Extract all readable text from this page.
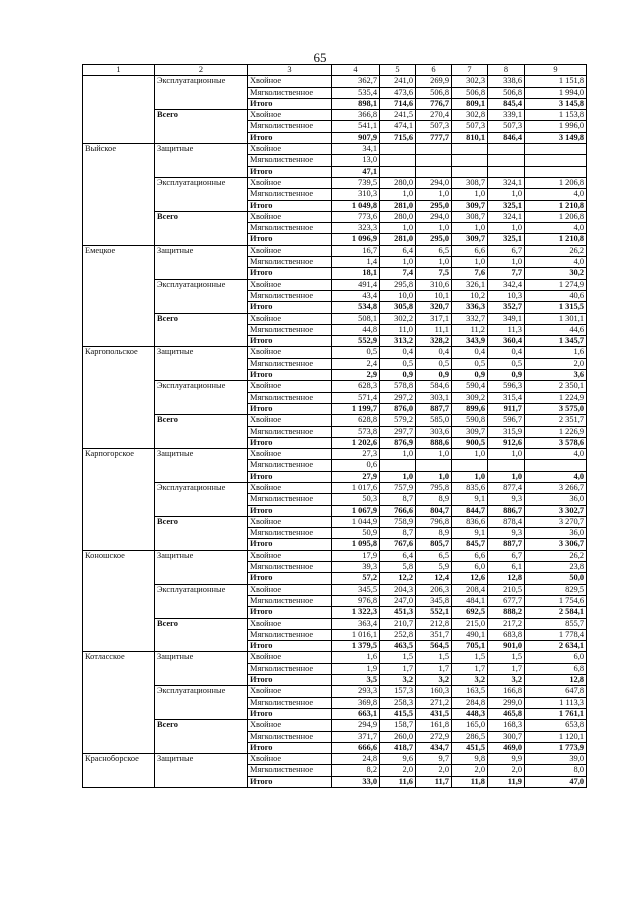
65
1	2	3	4	5	6	7	8	9
	Эксплуатационные	Хвойное	362,7	241,0	269,9	302,3	338,6	1 151,8
		Мягколиственное	535,4	473,6	506,8	506,8	506,8	1 994,0
		Итого	898,1	714,6	776,7	809,1	845,4	3 145,8
	Всего	Хвойное	366,8	241,5	270,4	302,8	339,1	1 153,8
		Мягколиственное	541,1	474,1	507,3	507,3	507,3	1 996,0
		Итого	907,9	715,6	777,7	810,1	846,4	3 149,8
Выйское	Защитные	Хвойное	34,1					
		Мягколиственное	13,0					
		Итого	47,1					
	Эксплуатационные	Хвойное	739,5	280,0	294,0	308,7	324,1	1 206,8
		Мягколиственное	310,3	1,0	1,0	1,0	1,0	4,0
		Итого	1 049,8	281,0	295,0	309,7	325,1	1 210,8
	Всего	Хвойное	773,6	280,0	294,0	308,7	324,1	1 206,8
		Мягколиственное	323,3	1,0	1,0	1,0	1,0	4,0
		Итого	1 096,9	281,0	295,0	309,7	325,1	1 210,8
Емецкое	Защитные	Хвойное	16,7	6,4	6,5	6,6	6,7	26,2
		Мягколиственное	1,4	1,0	1,0	1,0	1,0	4,0
		Итого	18,1	7,4	7,5	7,6	7,7	30,2
	Эксплуатационные	Хвойное	491,4	295,8	310,6	326,1	342,4	1 274,9
		Мягколиственное	43,4	10,0	10,1	10,2	10,3	40,6
		Итого	534,8	305,8	320,7	336,3	352,7	1 315,5
	Всего	Хвойное	508,1	302,2	317,1	332,7	349,1	1 301,1
		Мягколиственное	44,8	11,0	11,1	11,2	11,3	44,6
		Итого	552,9	313,2	328,2	343,9	360,4	1 345,7
Каргопольское	Защитные	Хвойное	0,5	0,4	0,4	0,4	0,4	1,6
		Мягколиственное	2,4	0,5	0,5	0,5	0,5	2,0
		Итого	2,9	0,9	0,9	0,9	0,9	3,6
	Эксплуатационные	Хвойное	628,3	578,8	584,6	590,4	596,3	2 350,1
		Мягколиственное	571,4	297,2	303,1	309,2	315,4	1 224,9
		Итого	1 199,7	876,0	887,7	899,6	911,7	3 575,0
	Всего	Хвойное	628,8	579,2	585,0	590,8	596,7	2 351,7
		Мягколиственное	573,8	297,7	303,6	309,7	315,9	1 226,9
		Итого	1 202,6	876,9	888,6	900,5	912,6	3 578,6
Карпогорское	Защитные	Хвойное	27,3	1,0	1,0	1,0	1,0	4,0
		Мягколиственное	0,6					
		Итого	27,9	1,0	1,0	1,0	1,0	4,0
	Эксплуатационные	Хвойное	1 017,6	757,9	795,8	835,6	877,4	3 266,7
		Мягколиственное	50,3	8,7	8,9	9,1	9,3	36,0
		Итого	1 067,9	766,6	804,7	844,7	886,7	3 302,7
	Всего	Хвойное	1 044,9	758,9	796,8	836,6	878,4	3 270,7
		Мягколиственное	50,9	8,7	8,9	9,1	9,3	36,0
		Итого	1 095,8	767,6	805,7	845,7	887,7	3 306,7
Коношское	Защитные	Хвойное	17,9	6,4	6,5	6,6	6,7	26,2
		Мягколиственное	39,3	5,8	5,9	6,0	6,1	23,8
		Итого	57,2	12,2	12,4	12,6	12,8	50,0
	Эксплуатационные	Хвойное	345,5	204,3	206,3	208,4	210,5	829,5
		Мягколиственное	976,8	247,0	345,8	484,1	677,7	1 754,6
		Итого	1 322,3	451,3	552,1	692,5	888,2	2 584,1
	Всего	Хвойное	363,4	210,7	212,8	215,0	217,2	855,7
		Мягколиственное	1 016,1	252,8	351,7	490,1	683,8	1 778,4
		Итого	1 379,5	463,5	564,5	705,1	901,0	2 634,1
Котласское	Защитные	Хвойное	1,6	1,5	1,5	1,5	1,5	6,0
		Мягколиственное	1,9	1,7	1,7	1,7	1,7	6,8
		Итого	3,5	3,2	3,2	3,2	3,2	12,8
	Эксплуатационные	Хвойное	293,3	157,3	160,3	163,5	166,8	647,8
		Мягколиственное	369,8	258,3	271,2	284,8	299,0	1 113,3
		Итого	663,1	415,5	431,5	448,3	465,8	1 761,1
	Всего	Хвойное	294,9	158,7	161,8	165,0	168,3	653,8
		Мягколиственное	371,7	260,0	272,9	286,5	300,7	1 120,1
		Итого	666,6	418,7	434,7	451,5	469,0	1 773,9
Красноборское	Защитные	Хвойное	24,8	9,6	9,7	9,8	9,9	39,0
		Мягколиственное	8,2	2,0	2,0	2,0	2,0	8,0
		Итого	33,0	11,6	11,7	11,8	11,9	47,0
